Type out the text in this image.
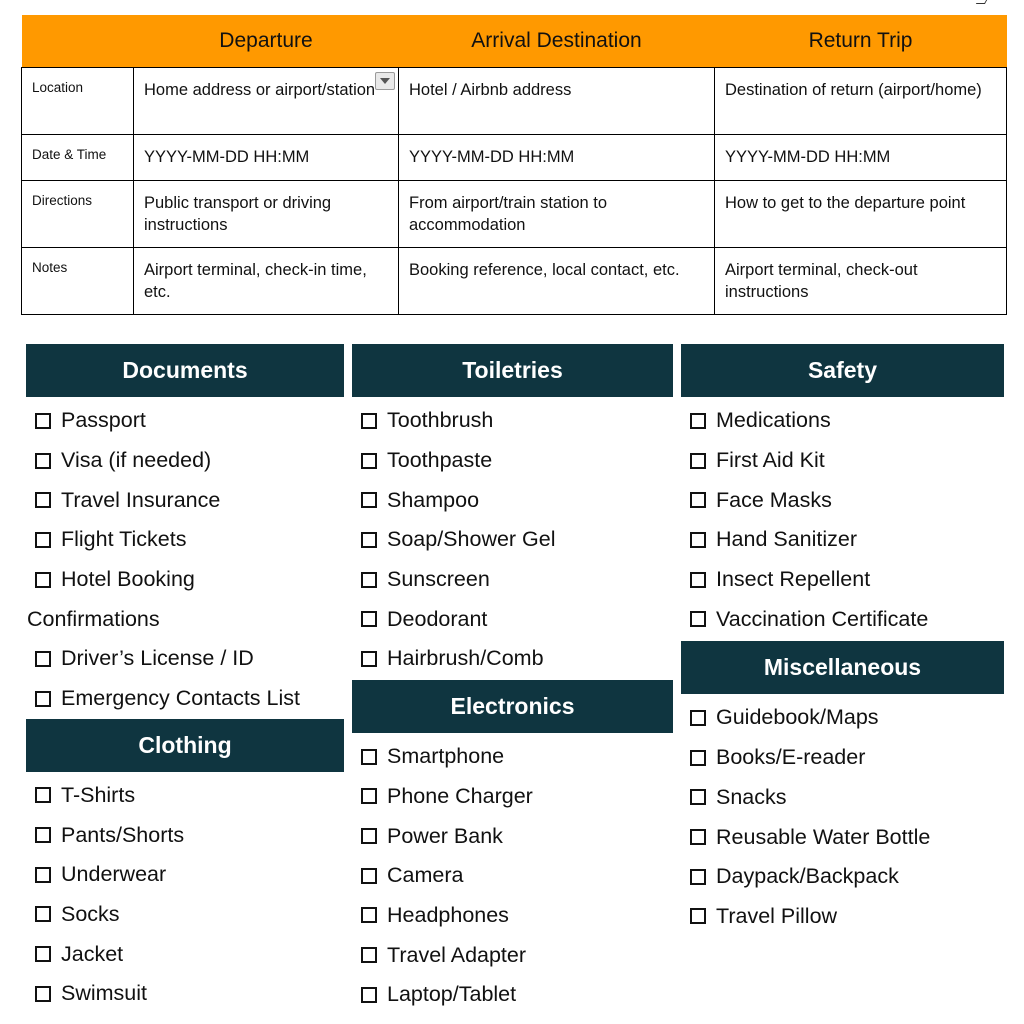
	Departure	Arrival Destination	Return Trip
Location	Home address or airport/station	Hotel / Airbnb address	Destination of return (airport/home)
Date & Time	YYYY-MM-DD HH:MM	YYYY-MM-DD HH:MM	YYYY-MM-DD HH:MM
Directions	Public transport or driving instructions	From airport/train station to accommodation	How to get to the departure point
Notes	Airport terminal, check-in time, etc.	Booking reference, local contact, etc.	Airport terminal, check-out instructions
Documents
Passport
Visa (if needed)
Travel Insurance
Flight Tickets
Hotel Booking
Confirmations
Driver’s License / ID
Emergency Contacts List
Clothing
T-Shirts
Pants/Shorts
Underwear
Socks
Jacket
Swimsuit
Toiletries
Toothbrush
Toothpaste
Shampoo
Soap/Shower Gel
Sunscreen
Deodorant
Hairbrush/Comb
Electronics
Smartphone
Phone Charger
Power Bank
Camera
Headphones
Travel Adapter
Laptop/Tablet
Safety
Medications
First Aid Kit
Face Masks
Hand Sanitizer
Insect Repellent
Vaccination Certificate
Miscellaneous
Guidebook/Maps
Books/E-reader
Snacks
Reusable Water Bottle
Daypack/Backpack
Travel Pillow
